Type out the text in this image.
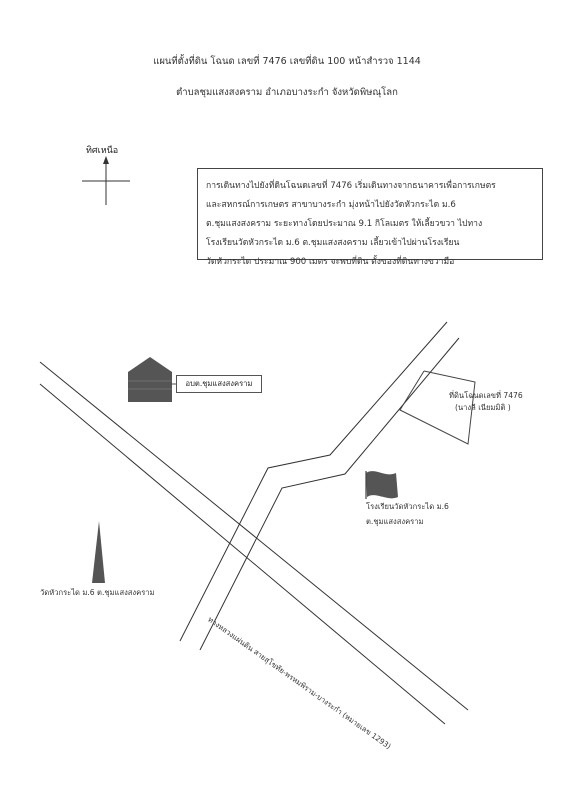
แผนที่ตั้งที่ดิน โฉนด เลขที่ 7476 เลขที่ดิน 100 หน้าสำรวจ 1144
ตำบลชุมแสงสงคราม อำเภอบางระกำ จังหวัดพิษณุโลก
ทิศเหนือ
การเดินทางไปยังที่ดินโฉนดเลขที่ 7476 เริ่มเดินทางจากธนาคารเพื่อการเกษตร
และสหกรณ์การเกษตร สาขาบางระกำ มุ่งหน้าไปยังวัดหัวกระได ม.6
ต.ชุมแสงสงคราม ระยะทางโดยประมาณ 9.1 กิโลเมตร ให้เลี้ยวขวา ไปทาง
โรงเรียนวัดหัวกระได ม.6 ต.ชุมแสงสงคราม เลี้ยวเข้าไปผ่านโรงเรียน
วัดหัวกระได ประมาณ 900 เมตร จะพบที่ดิน ตั้งของที่ดินทางขวามือ
อบต.ชุมแสงสงคราม
ที่ดินโฉนดเลขที่ 7476
(นางลี เนียมมิติ )
โรงเรียนวัดหัวกระได ม.6
ต.ชุมแสงสงคราม
วัดหัวกระได ม.6 ต.ชุมแสงสงคราม
ทางหลวงแผ่นดิน สายสุโขทัย-พรหมพิราม-บางระกำ (หมายเลข 1293)
